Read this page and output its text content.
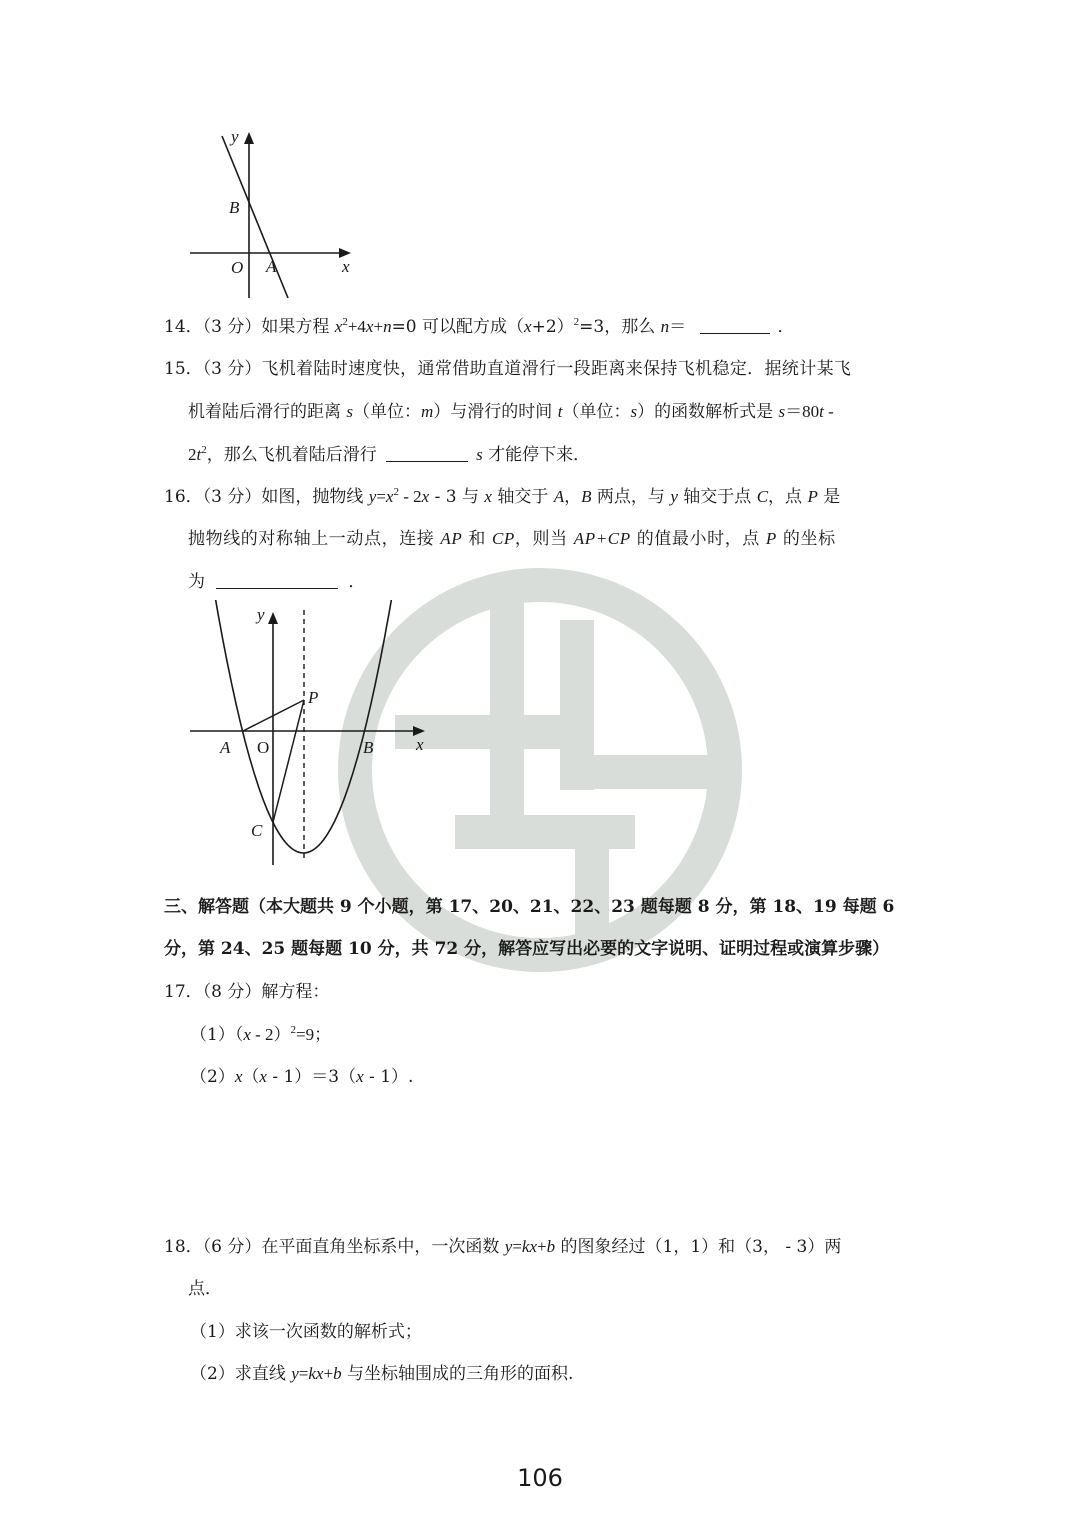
y
x
B
O A
14．（3 分）如果方程 $x^2+4x+n=0$ 可以配方成$(x+2)^2=3$，那么 n＝	．
15．（3 分）飞机着陆时速度快，通常借助直道滑行一段距离来保持飞机稳定．据统计某飞
机着陆后滑行的距离 s（单位：m）与滑行的时间 t（单位：s）的函数解析式是 s＝80t -
$2t^2$，那么飞机着陆后滑行	s 才能停下来．
16．（3 分）如图，抛物线 $y=x^2 - 2x - 3$ 与 x 轴交于 A，B 两点，与 y 轴交于点 C，点 P 是
抛物线的对称轴上一动点，连接 AP 和 CP，则当 AP+CP 的值最小时，点 P 的坐标
为	．
y
x
P
A O	B
C
三、解答题（本大题共 9 个小题，第 17、20、21、22、23 题每题 8 分，第 18、19 每题 6
分，第 24、25 题每题 10 分，共 72 分，解答应写出必要的文字说明、证明过程或演算步骤）
17．（8 分）解方程：
（1）（x - 2）$^2$=9；
（2）x（x - 1）＝3（x - 1）.
18．（6 分）在平面直角坐标系中，一次函数 y=kx+b 的图象经过（1，1）和（3， - 3）两
点．
（1）求该一次函数的解析式；
（2）求直线 y=kx+b 与坐标轴围成的三角形的面积.
106
